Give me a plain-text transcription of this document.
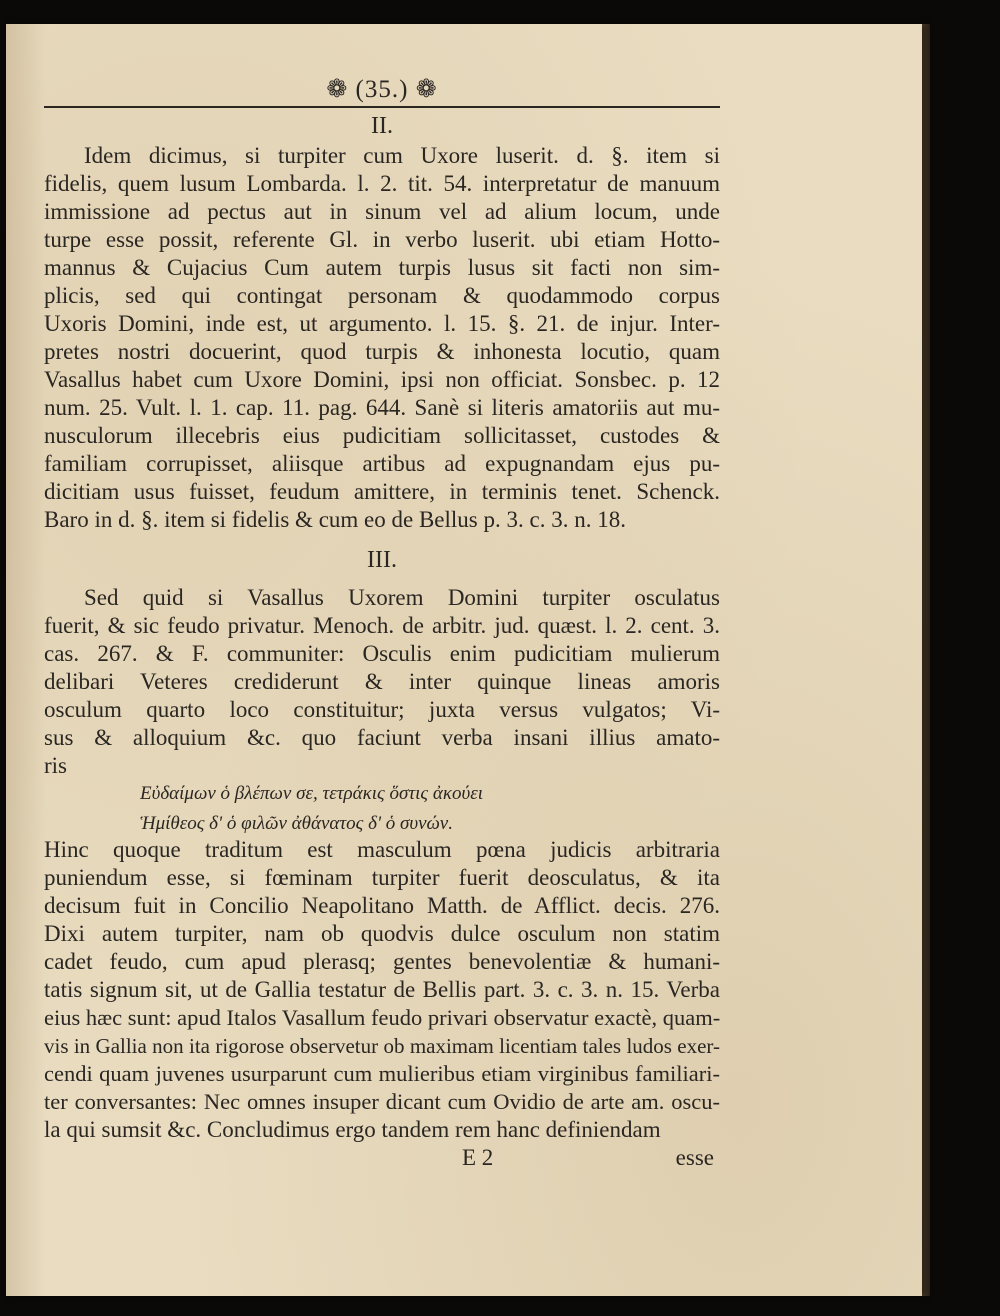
❁ (35.) ❁
II.
Idem dicimus, si turpiter cum Uxore luserit. d. §. item si
fidelis, quem lusum Lombarda. l. 2. tit. 54. interpretatur de manuum
immissione ad pectus aut in sinum vel ad alium locum, unde
turpe esse possit, referente Gl. in verbo luserit. ubi etiam Hotto-
mannus & Cujacius Cum autem turpis lusus sit facti non sim-
plicis, sed qui contingat personam & quodammodo corpus
Uxoris Domini, inde est, ut argumento. l. 15. §. 21. de injur. Inter-
pretes nostri docuerint, quod turpis & inhonesta locutio, quam
Vasallus habet cum Uxore Domini, ipsi non officiat. Sonsbec. p. 12
num. 25. Vult. l. 1. cap. 11. pag. 644. Sanè si literis amatoriis aut mu-
nusculorum illecebris eius pudicitiam sollicitasset, custodes &
familiam corrupisset, aliisque artibus ad expugnandam ejus pu-
dicitiam usus fuisset, feudum amittere, in terminis tenet. Schenck.
Baro in d. §. item si fidelis & cum eo de Bellus p. 3. c. 3. n. 18.
III.
Sed quid si Vasallus Uxorem Domini turpiter osculatus
fuerit, & sic feudo privatur. Menoch. de arbitr. jud. quæst. l. 2. cent. 3.
cas. 267. & F. communiter: Osculis enim pudicitiam mulierum
delibari Veteres crediderunt & inter quinque lineas amoris
osculum quarto loco constituitur; juxta versus vulgatos; Vi-
sus & alloquium &c. quo faciunt verba insani illius amato-
ris
Εὐδαίμων ὁ βλέπων σε, τετράκις ὅστις ἀκούει
Ἡμίθεος δ' ὁ φιλῶν ἀθάνατος δ' ὁ συνών.
Hinc quoque traditum est masculum pœna judicis arbitraria
puniendum esse, si fœminam turpiter fuerit deosculatus, & ita
decisum fuit in Concilio Neapolitano Matth. de Afflict. decis. 276.
Dixi autem turpiter, nam ob quodvis dulce osculum non statim
cadet feudo, cum apud plerasq; gentes benevolentiæ & humani-
tatis signum sit, ut de Gallia testatur de Bellis part. 3. c. 3. n. 15. Verba
eius hæc sunt: apud Italos Vasallum feudo privari observatur exactè, quam-
vis in Gallia non ita rigorose observetur ob maximam licentiam tales ludos exer-
cendi quam juvenes usurparunt cum mulieribus etiam virginibus familiari-
ter conversantes: Nec omnes insuper dicant cum Ovidio de arte am. oscu-
la qui sumsit &c. Concludimus ergo tandem rem hanc definiendam
E 2	esse
